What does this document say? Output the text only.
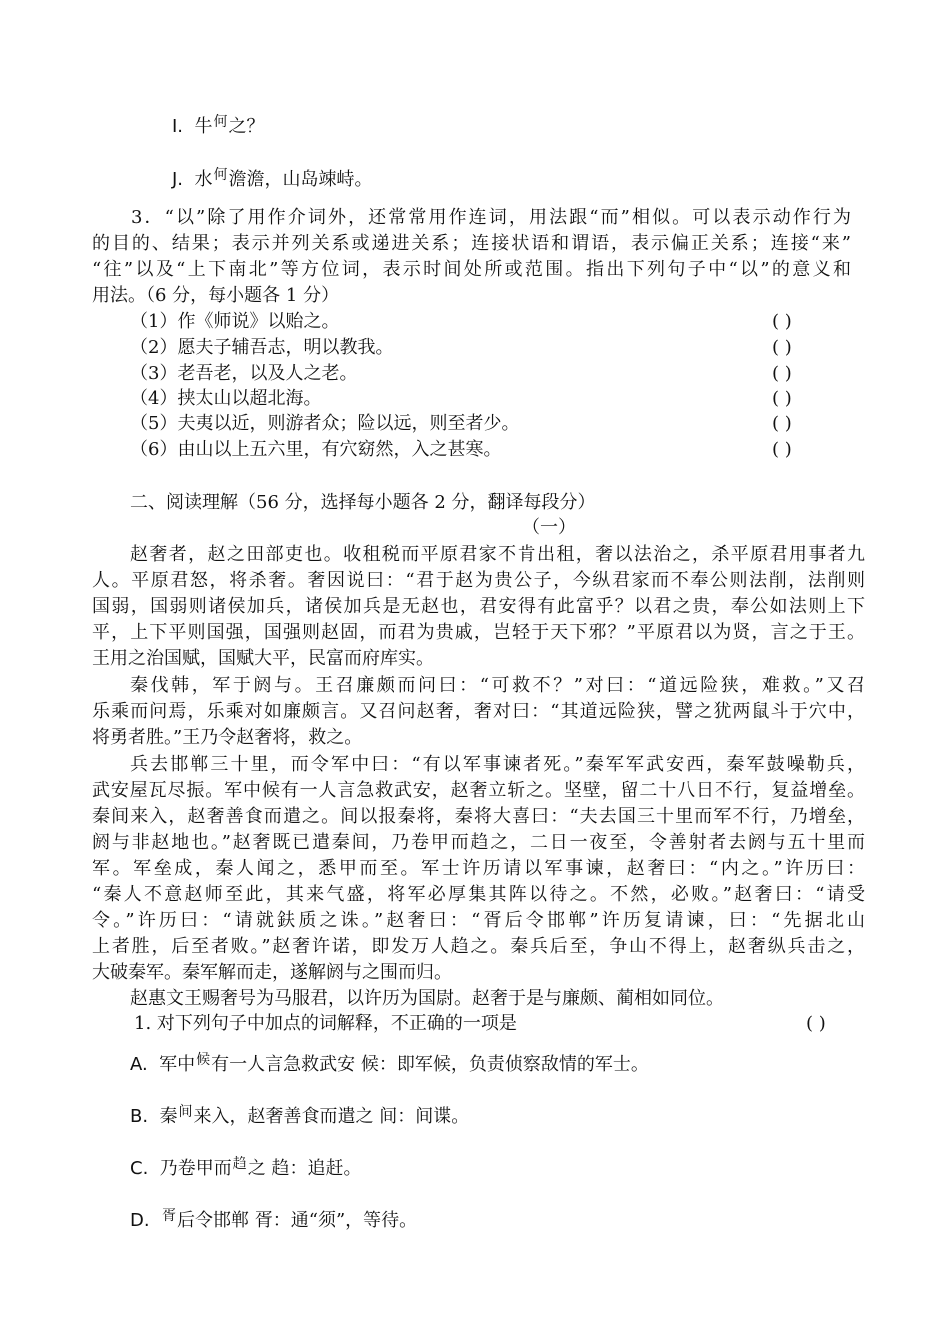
I. 牛$^何$之？
J. 水$^何$澹澹，山岛竦峙。
3．“以”除了用作介词外，还常常用作连词，用法跟“而”相似。可以表示动作行为
的目的、结果；表示并列关系或递进关系；连接状语和谓语，表示偏正关系；连接“来”
“往”以及“上下南北”等方位词，表示时间处所或范围。指出下列句子中“以”的意义和
用法。（6 分，每小题各 1 分）
（1）作《师说》以贻之。	( )
（2）愿夫子辅吾志，明以教我。	( )
（3）老吾老，以及人之老。	( )
（4）挟太山以超北海。	( )
（5）夫夷以近，则游者众；险以远，则至者少。	( )
（6）由山以上五六里，有穴窈然，入之甚寒。	( )
二、阅读理解（56 分，选择每小题各 2 分，翻译每段分）
（一）
赵奢者，赵之田部吏也。收租税而平原君家不肯出租，奢以法治之，杀平原君用事者九
人。平原君怒，将杀奢。奢因说曰：“君于赵为贵公子，今纵君家而不奉公则法削，法削则
国弱，国弱则诸侯加兵，诸侯加兵是无赵也，君安得有此富乎？以君之贵，奉公如法则上下
平，上下平则国强，国强则赵固，而君为贵戚，岂轻于天下邪？”平原君以为贤，言之于王。
王用之治国赋，国赋大平，民富而府库实。
秦伐韩，军于阏与。王召廉颇而问曰：“可救不？”对曰：“道远险狭，难救。”又召
乐乘而问焉，乐乘对如廉颇言。又召问赵奢，奢对曰：“其道远险狭，譬之犹两鼠斗于穴中，
将勇者胜。”王乃令赵奢将，救之。
兵去邯郸三十里，而令军中曰：“有以军事谏者死。”秦军军武安西，秦军鼓噪勒兵，
武安屋瓦尽振。军中候有一人言急救武安，赵奢立斩之。坚壁，留二十八日不行，复益增垒。
秦间来入，赵奢善食而遣之。间以报秦将，秦将大喜曰：“夫去国三十里而军不行，乃增垒，
阏与非赵地也。”赵奢既已遣秦间，乃卷甲而趋之，二日一夜至，令善射者去阏与五十里而
军。军垒成，秦人闻之，悉甲而至。军士许历请以军事谏，赵奢曰：“内之。”许历曰：
“秦人不意赵师至此，其来气盛，将军必厚集其阵以待之。不然，必败。”赵奢曰：“请受
令。”许历曰：“请就鈇质之诛。”赵奢曰：“胥后令邯郸”许历复请谏，曰：“先据北山
上者胜，后至者败。”赵奢许诺，即发万人趋之。秦兵后至，争山不得上，赵奢纵兵击之，
大破秦军。秦军解而走，遂解阏与之围而归。
赵惠文王赐奢号为马服君，以许历为国尉。赵奢于是与廉颇、蔺相如同位。
1. 对下列句子中加点的词解释，不正确的一项是	( )
A. 军中$^候$有一人言急救武安 候：即军候，负责侦察敌情的军士。
B. 秦$^间$来入，赵奢善食而遣之 间：间谍。
C. 乃卷甲而$^趋$之 趋：追赶。
D. $^胥$后令邯郸 胥：通“须”，等待。
